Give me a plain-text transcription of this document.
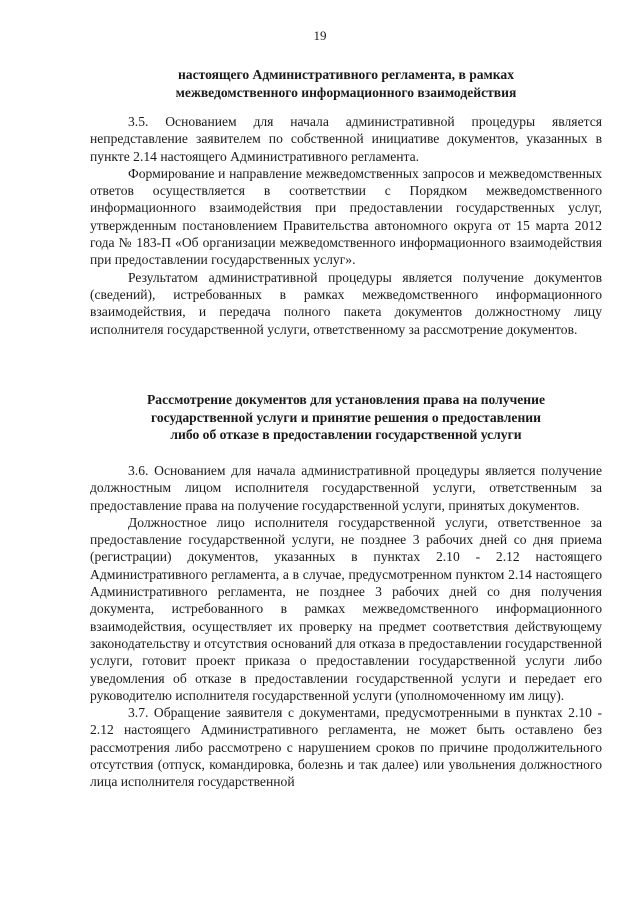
19
настоящего Административного регламента, в рамках
межведомственного информационного взаимодействия

3.5. Основанием для начала административной процедуры является непредставление заявителем по собственной инициативе документов, указанных в пункте 2.14 настоящего Административного регламента.

Формирование и направление межведомственных запросов и межведомственных ответов осуществляется в соответствии с Порядком межведомственного информационного взаимодействия при предоставлении государственных услуг, утвержденным постановлением Правительства автономного округа от 15 марта 2012 года № 183-П «Об организации межведомственного информационного взаимодействия при предоставлении государственных услуг».

Результатом административной процедуры является получение документов (сведений), истребованных в рамках межведомственного информационного взаимодействия, и передача полного пакета документов должностному лицу исполнителя государственной услуги, ответственному за рассмотрение документов.

Рассмотрение документов для установления права на получение
государственной услуги и принятие решения о предоставлении
либо об отказе в предоставлении государственной услуги

3.6. Основанием для начала административной процедуры является получение должностным лицом исполнителя государственной услуги, ответственным за предоставление права на получение государственной услуги, принятых документов.

Должностное лицо исполнителя государственной услуги, ответственное за предоставление государственной услуги, не позднее 3 рабочих дней со дня приема (регистрации) документов, указанных в пунктах 2.10 - 2.12 настоящего Административного регламента, а в случае, предусмотренном пунктом 2.14 настоящего Административного регламента, не позднее 3 рабочих дней со дня получения документа, истребованного в рамках межведомственного информационного взаимодействия, осуществляет их проверку на предмет соответствия действующему законодательству и отсутствия оснований для отказа в предоставлении государственной услуги, готовит проект приказа о предоставлении государственной услуги либо уведомления об отказе в предоставлении государственной услуги и передает его руководителю исполнителя государственной услуги (уполномоченному им лицу).

3.7. Обращение заявителя с документами, предусмотренными в пунктах 2.10 - 2.12 настоящего Административного регламента, не может быть оставлено без рассмотрения либо рассмотрено с нарушением сроков по причине продолжительного отсутствия (отпуск, командировка, болезнь и так далее) или увольнения должностного лица исполнителя государственной
